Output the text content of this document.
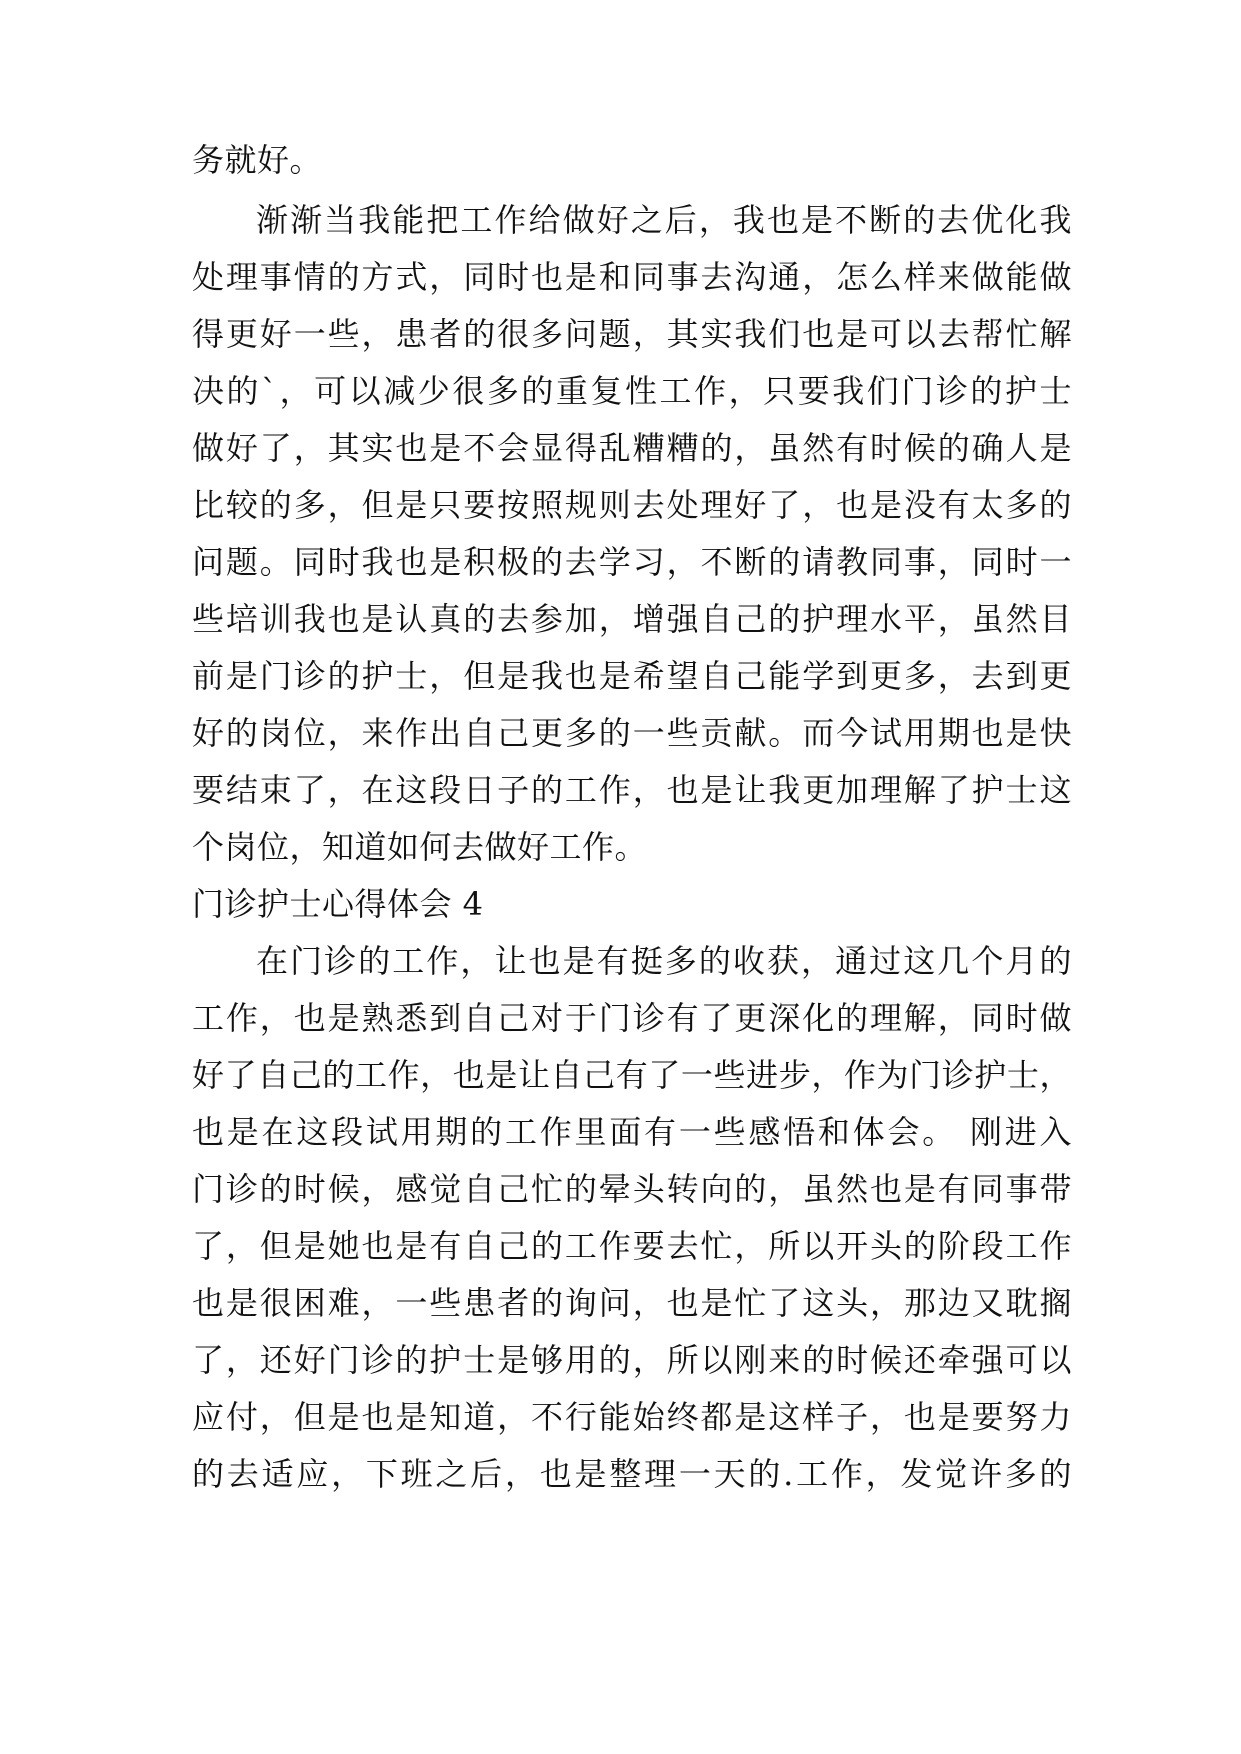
务就好。
渐渐当我能把工作给做好之后，我也是不断的去优化我
处理事情的方式，同时也是和同事去沟通，怎么样来做能做
得更好一些，患者的很多问题，其实我们也是可以去帮忙解
决的`，可以减少很多的重复性工作，只要我们门诊的护士
做好了，其实也是不会显得乱糟糟的，虽然有时候的确人是
比较的多，但是只要按照规则去处理好了，也是没有太多的
问题。同时我也是积极的去学习，不断的请教同事，同时一
些培训我也是认真的去参加，增强自己的护理水平，虽然目
前是门诊的护士，但是我也是希望自己能学到更多，去到更
好的岗位，来作出自己更多的一些贡献。而今试用期也是快
要结束了，在这段日子的工作，也是让我更加理解了护士这
个岗位，知道如何去做好工作。
门诊护士心得体会 4
在门诊的工作，让也是有挺多的收获，通过这几个月的
工作，也是熟悉到自己对于门诊有了更深化的理解，同时做
好了自己的工作，也是让自己有了一些进步，作为门诊护士，
也是在这段试用期的工作里面有一些感悟和体会。 刚进入
门诊的时候，感觉自己忙的晕头转向的，虽然也是有同事带
了，但是她也是有自己的工作要去忙，所以开头的阶段工作
也是很困难，一些患者的询问，也是忙了这头，那边又耽搁
了，还好门诊的护士是够用的，所以刚来的时候还牵强可以
应付，但是也是知道，不行能始终都是这样子，也是要努力
的去适应，下班之后，也是整理一天的.工作，发觉许多的
